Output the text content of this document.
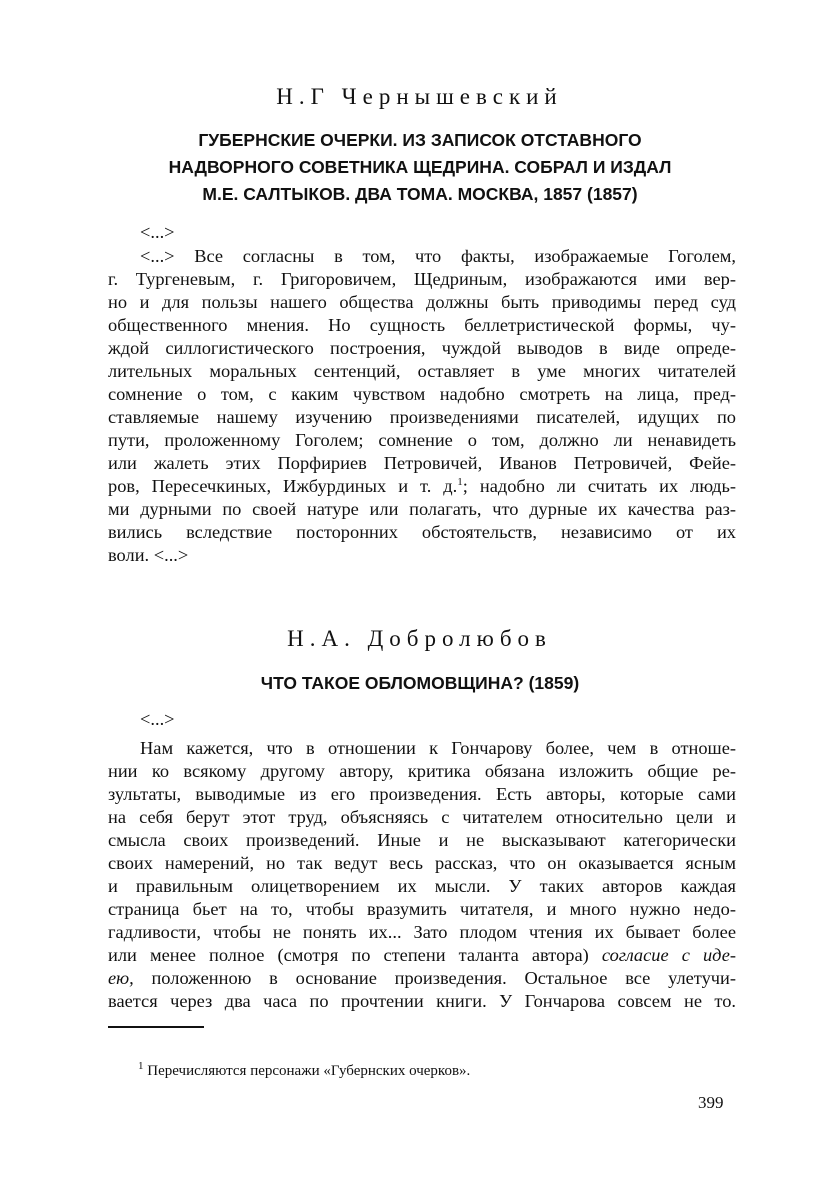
Н.Г Чернышевский
ГУБЕРНСКИЕ ОЧЕРКИ. ИЗ ЗАПИСОК ОТСТАВНОГО
НАДВОРНОГО СОВЕТНИКА ЩЕДРИНА. СОБРАЛ И ИЗДАЛ
М.Е. САЛТЫКОВ. ДВА ТОМА. МОСКВА, 1857 (1857)
<...>
<...> Все согласны в том, что факты, изображаемые Гоголем,
г. Тургеневым, г. Григоровичем, Щедриным, изображаются ими вер-
но и для пользы нашего общества должны быть приводимы перед суд
общественного мнения. Но сущность беллетристической формы, чу-
ждой силлогистического построения, чуждой выводов в виде опреде-
лительных моральных сентенций, оставляет в уме многих читателей
сомнение о том, с каким чувством надобно смотреть на лица, пред-
ставляемые нашему изучению произведениями писателей, идущих по
пути, проложенному Гоголем; сомнение о том, должно ли ненавидеть
или жалеть этих Порфириев Петровичей, Иванов Петровичей, Фейе-
ров, Пересечкиных, Ижбурдиных и т. д.$^1$; надобно ли считать их людь-
ми дурными по своей натуре или полагать, что дурные их качества раз-
вились вследствие посторонних обстоятельств, независимо от их
воли. <...>
Н.А. Добролюбов
ЧТО ТАКОЕ ОБЛОМОВЩИНА? (1859)
<...>
Нам кажется, что в отношении к Гончарову более, чем в отноше-
нии ко всякому другому автору, критика обязана изложить общие ре-
зультаты, выводимые из его произведения. Есть авторы, которые сами
на себя берут этот труд, объясняясь с читателем относительно цели и
смысла своих произведений. Иные и не высказывают категорически
своих намерений, но так ведут весь рассказ, что он оказывается ясным
и правильным олицетворением их мысли. У таких авторов каждая
страница бьет на то, чтобы вразумить читателя, и много нужно недо-
гадливости, чтобы не понять их... Зато плодом чтения их бывает более
или менее полное (смотря по степени таланта автора) согласие с иде-
ею, положенною в основание произведения. Остальное все улетучи-
вается через два часа по прочтении книги. У Гончарова совсем не то.
$^1$ Перечисляются персонажи «Губернских очерков».
399
